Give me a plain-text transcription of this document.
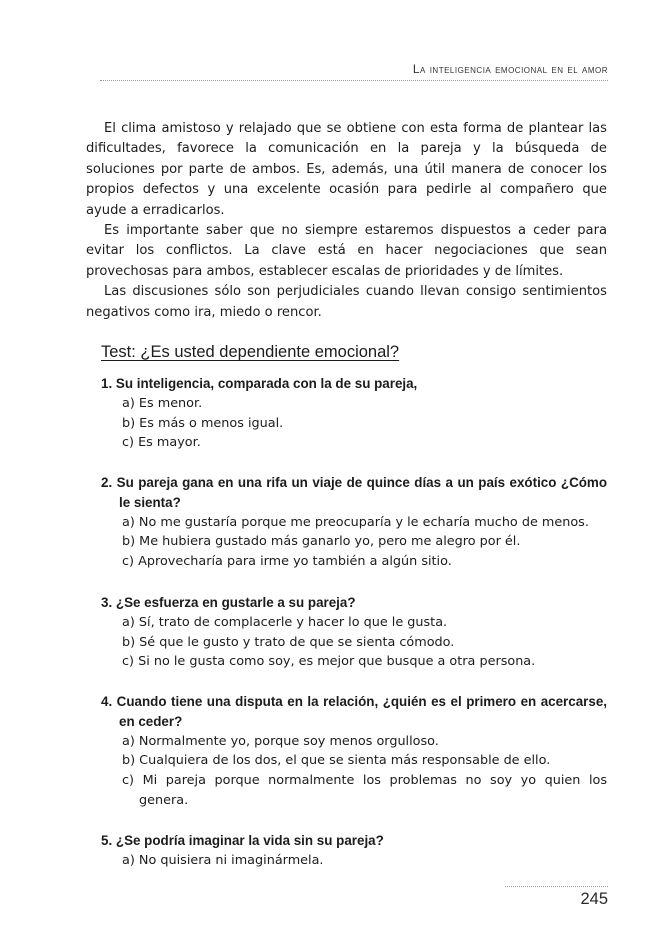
La inteligencia emocional en el amor

El clima amistoso y relajado que se obtiene con esta forma de plantear las dificultades, favorece la comunicación en la pareja y la búsqueda de soluciones por parte de ambos. Es, además, una útil manera de conocer los propios defectos y una excelente ocasión para pedirle al compañero que ayude a erradicarlos.

Es importante saber que no siempre estaremos dispuestos a ceder para evitar los conflictos. La clave está en hacer negociaciones que sean provechosas para ambos, establecer escalas de prioridades y de límites.

Las discusiones sólo son perjudiciales cuando llevan consigo sentimientos negativos como ira, miedo o rencor.

Test: ¿Es usted dependiente emocional?
1. Su inteligencia, comparada con la de su pareja,
a) Es menor.
b) Es más o menos igual.
c) Es mayor.
2. Su pareja gana en una rifa un viaje de quince días a un país exótico ¿Cómo le sienta?
a) No me gustaría porque me preocuparía y le echaría mucho de menos.
b) Me hubiera gustado más ganarlo yo, pero me alegro por él.
c) Aprovecharía para irme yo también a algún sitio.
3. ¿Se esfuerza en gustarle a su pareja?
a) Sí, trato de complacerle y hacer lo que le gusta.
b) Sé que le gusto y trato de que se sienta cómodo.
c) Si no le gusta como soy, es mejor que busque a otra persona.
4. Cuando tiene una disputa en la relación, ¿quién es el primero en acercarse, en ceder?
a) Normalmente yo, porque soy menos orgulloso.
b) Cualquiera de los dos, el que se sienta más responsable de ello.
c) Mi pareja porque normalmente los problemas no soy yo quien los genera.
5. ¿Se podría imaginar la vida sin su pareja?
a) No quisiera ni imaginármela.
245
